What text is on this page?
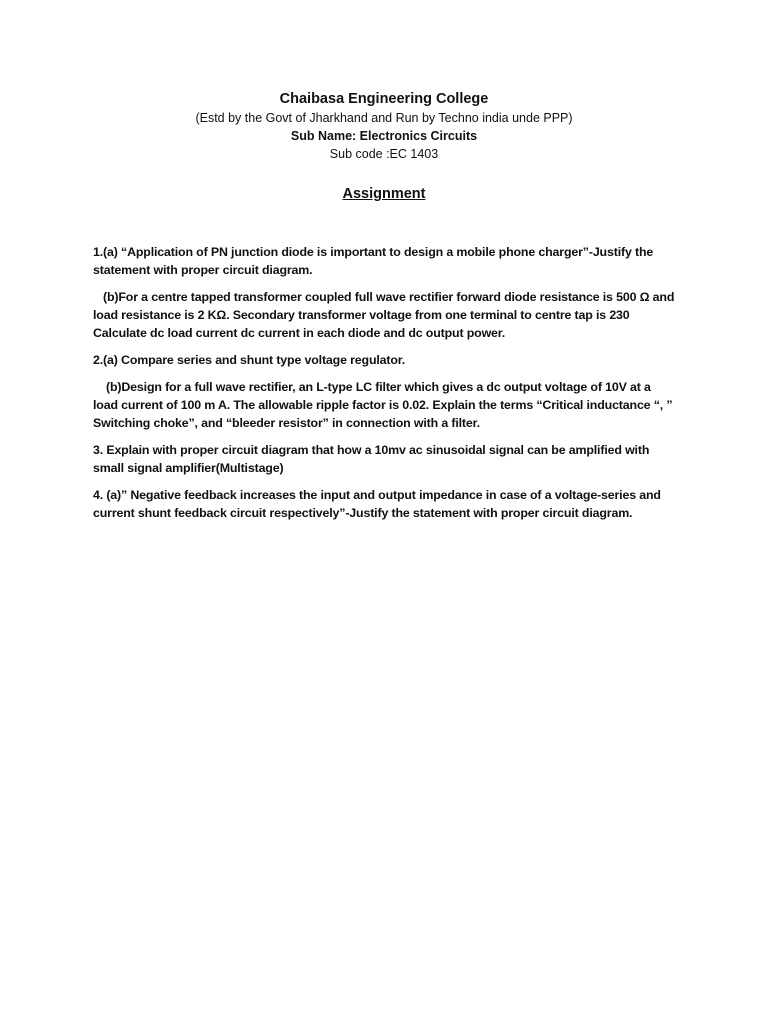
Chaibasa Engineering College

(Estd by the Govt of Jharkhand and Run by Techno india unde PPP)

Sub Name: Electronics Circuits

Sub code :EC 1403

Assignment

1.(a) “Application of PN junction diode is important to design a mobile phone charger”-Justify the statement with proper circuit diagram.

(b)For a centre tapped transformer coupled full wave rectifier forward diode resistance is 500 Ω and load resistance is 2 KΩ. Secondary transformer voltage from one terminal to centre tap is 230 Calculate dc load current dc current in each diode and dc output power.

2.(a) Compare series and shunt type voltage regulator.

(b)Design for a full wave rectifier, an L-type LC filter which gives a dc output voltage of 10V at a load current of 100 m A. The allowable ripple factor is 0.02. Explain the terms “Critical inductance “, ” Switching choke”, and “bleeder resistor” in connection with a filter.

3. Explain with proper circuit diagram that how a 10mv ac sinusoidal signal can be amplified with small signal amplifier(Multistage)

4. (a)” Negative feedback increases the input and output impedance in case of a voltage-series and current shunt feedback circuit respectively”-Justify the statement with proper circuit diagram.
